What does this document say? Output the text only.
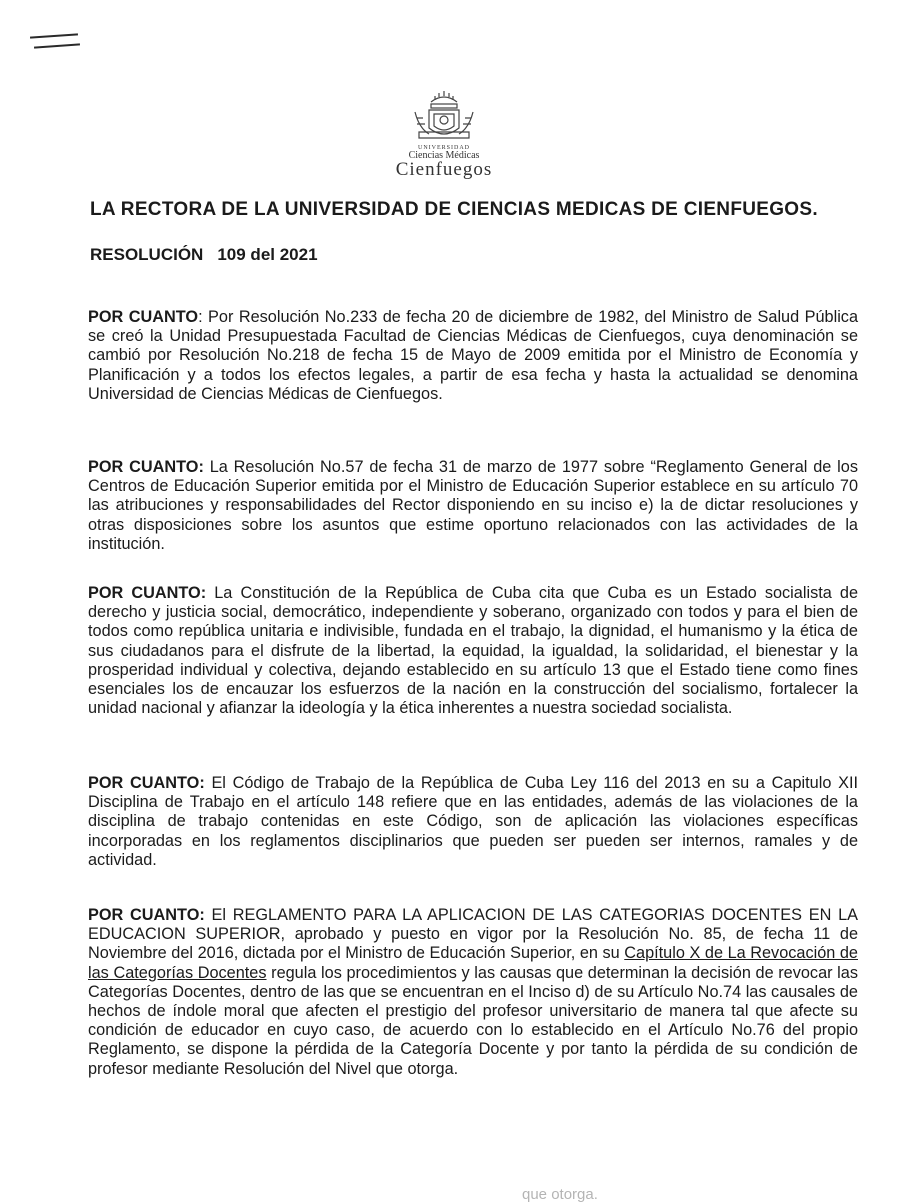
UNIVERSIDAD
Ciencias Médicas
Cienfuegos
LA RECTORA DE LA UNIVERSIDAD DE CIENCIAS MEDICAS DE CIENFUEGOS.
RESOLUCIÓN 109 del 2021

POR CUANTO: Por Resolución No.233 de fecha 20 de diciembre de 1982, del Ministro de Salud Pública se creó la Unidad Presupuestada Facultad de Ciencias Médicas de Cienfuegos, cuya denominación se cambió por Resolución No.218 de fecha 15 de Mayo de 2009 emitida por el Ministro de Economía y Planificación y a todos los efectos legales, a partir de esa fecha y hasta la actualidad se denomina Universidad de Ciencias Médicas de Cienfuegos.

POR CUANTO: La Resolución No.57 de fecha 31 de marzo de 1977 sobre “Reglamento General de los Centros de Educación Superior emitida por el Ministro de Educación Superior establece en su artículo 70 las atribuciones y responsabilidades del Rector disponiendo en su inciso e) la de dictar resoluciones y otras disposiciones sobre los asuntos que estime oportuno relacionados con las actividades de la institución.

POR CUANTO: La Constitución de la República de Cuba cita que Cuba es un Estado socialista de derecho y justicia social, democrático, independiente y soberano, organizado con todos y para el bien de todos como república unitaria e indivisible, fundada en el trabajo, la dignidad, el humanismo y la ética de sus ciudadanos para el disfrute de la libertad, la equidad, la igualdad, la solidaridad, el bienestar y la prosperidad individual y colectiva, dejando establecido en su artículo 13 que el Estado tiene como fines esenciales los de encauzar los esfuerzos de la nación en la construcción del socialismo, fortalecer la unidad nacional y afianzar la ideología y la ética inherentes a nuestra sociedad socialista.

POR CUANTO: El Código de Trabajo de la República de Cuba Ley 116 del 2013 en su a Capitulo XII Disciplina de Trabajo en el artículo 148 refiere que en las entidades, además de las violaciones de la disciplina de trabajo contenidas en este Código, son de aplicación las violaciones específicas incorporadas en los reglamentos disciplinarios que pueden ser pueden ser internos, ramales y de actividad.

POR CUANTO: El REGLAMENTO PARA LA APLICACION DE LAS CATEGORIAS DOCENTES EN LA EDUCACION SUPERIOR, aprobado y puesto en vigor por la Resolución No. 85, de fecha 11 de Noviembre del 2016, dictada por el Ministro de Educación Superior, en su Capítulo X de La Revocación de las Categorías Docentes regula los procedimientos y las causas que determinan la decisión de revocar las Categorías Docentes, dentro de las que se encuentran en el Inciso d) de su Artículo No.74 las causales de hechos de índole moral que afecten el prestigio del profesor universitario de manera tal que afecte su condición de educador en cuyo caso, de acuerdo con lo establecido en el Artículo No.76 del propio Reglamento, se dispone la pérdida de la Categoría Docente y por tanto la pérdida de su condición de profesor mediante Resolución del Nivel que otorga.

que otorga.
